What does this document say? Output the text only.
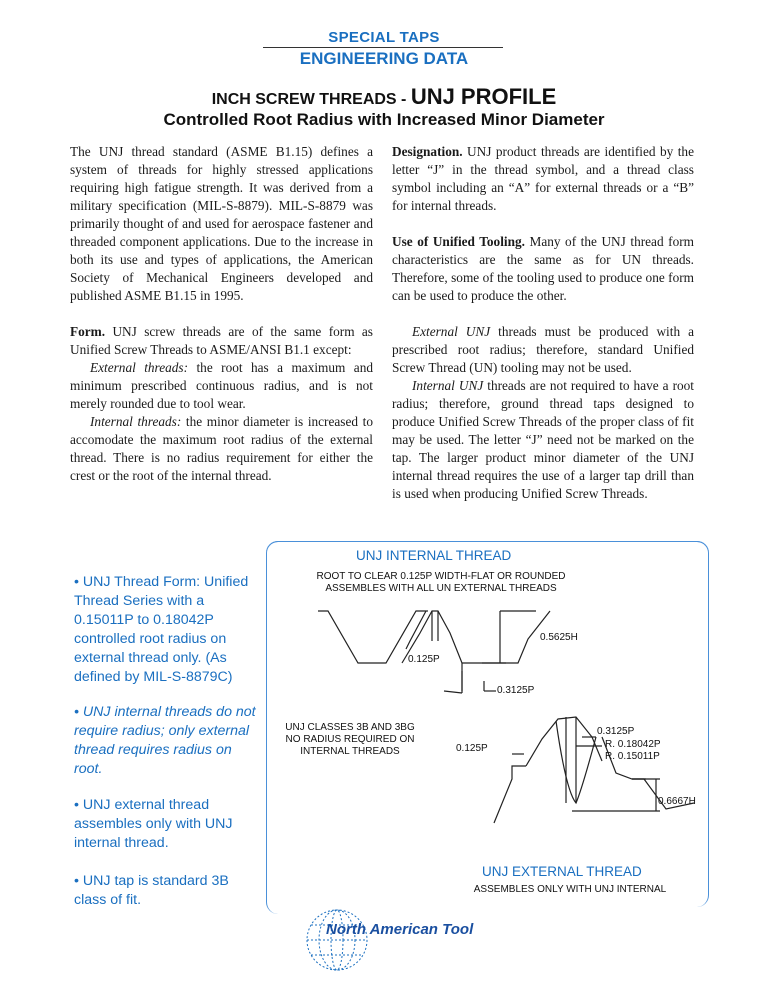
SPECIAL TAPS
ENGINEERING DATA
INCH SCREW THREADS - UNJ PROFILE
Controlled Root Radius with Increased Minor Diameter

The UNJ thread standard (ASME B1.15) defines a system of threads for highly stressed applications requiring high fatigue strength. It was derived from a military specification (MIL-S-8879). MIL-S-8879 was primarily thought of and used for aerospace fastener and threaded component applications. Due to the increase in both its use and types of applications, the American Society of Mechanical Engineers developed and published ASME B1.15 in 1995.

Form. UNJ screw threads are of the same form as Unified Screw Threads to ASME/ANSI B1.1 except:

External threads: the root has a maximum and minimum prescribed continuous radius, and is not merely rounded due to tool wear.

Internal threads: the minor diameter is increased to accomodate the maximum root radius of the external thread. There is no radius requirement for either the crest or the root of the internal thread.

Designation. UNJ product threads are identified by the letter “J” in the thread symbol, and a thread class symbol including an “A” for external threads or a “B” for internal threads.

Use of Unified Tooling. Many of the UNJ thread form characteristics are the same as for UN threads. Therefore, some of the tooling used to produce one form can be used to produce the other.

External UNJ threads must be produced with a prescribed root radius; therefore, standard Unified Screw Thread (UN) tooling may not be used.

Internal UNJ threads are not required to have a root radius; therefore, ground thread taps designed to produce Unified Screw Threads of the proper class of fit may be used. The letter “J” need not be marked on the tap. The larger product minor diameter of the UNJ internal thread requires the use of a larger tap drill than is used when producing Unified Screw Threads.

• UNJ Thread Form: Unified Thread Series with a 0.15011P to 0.18042P controlled root radius on external thread only. (As defined by MIL-S-8879C)
• UNJ internal threads do not require radius; only external thread requires radius on root.
• UNJ external thread assembles only with UNJ internal thread.
• UNJ tap is standard 3B class of fit.
UNJ INTERNAL THREAD
ROOT TO CLEAR 0.125P WIDTH-FLAT OR ROUNDED
ASSEMBLES WITH ALL UN EXTERNAL THREADS
0.5625H
0.125P
0.3125P
UNJ CLASSES 3B AND 3BG
NO RADIUS REQUIRED ON
INTERNAL THREADS	0.125P
0.3125P
R. 0.18042P
R. 0.15011P
0.6667H
UNJ EXTERNAL THREAD
ASSEMBLES ONLY WITH UNJ INTERNAL
North American Tool
